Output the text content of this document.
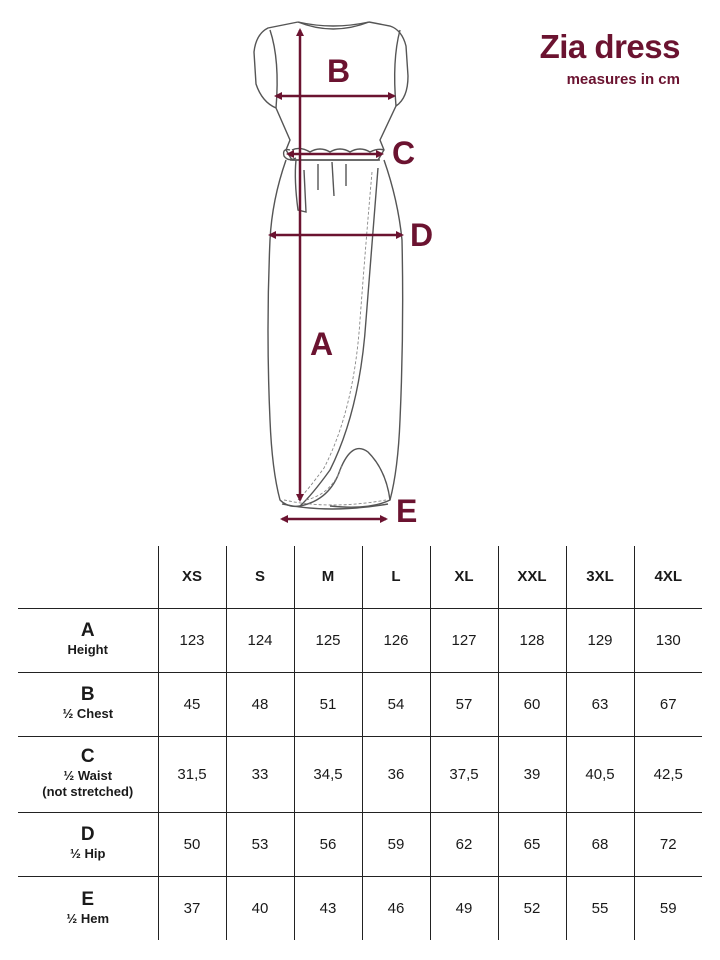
Zia dress
measures in cm
B
C
D
A
E
	XS	S	M	L	XL	XXL	3XL	4XL

A
Height	123	124	125	126	127	128	129	130

B
½ Chest	45	48	51	54	57	60	63	67

C
½ Waist
(not stretched)	31,5	33	34,5	36	37,5	39	40,5	42,5

D
½ Hip	50	53	56	59	62	65	68	72

E
½ Hem	37	40	43	46	49	52	55	59
